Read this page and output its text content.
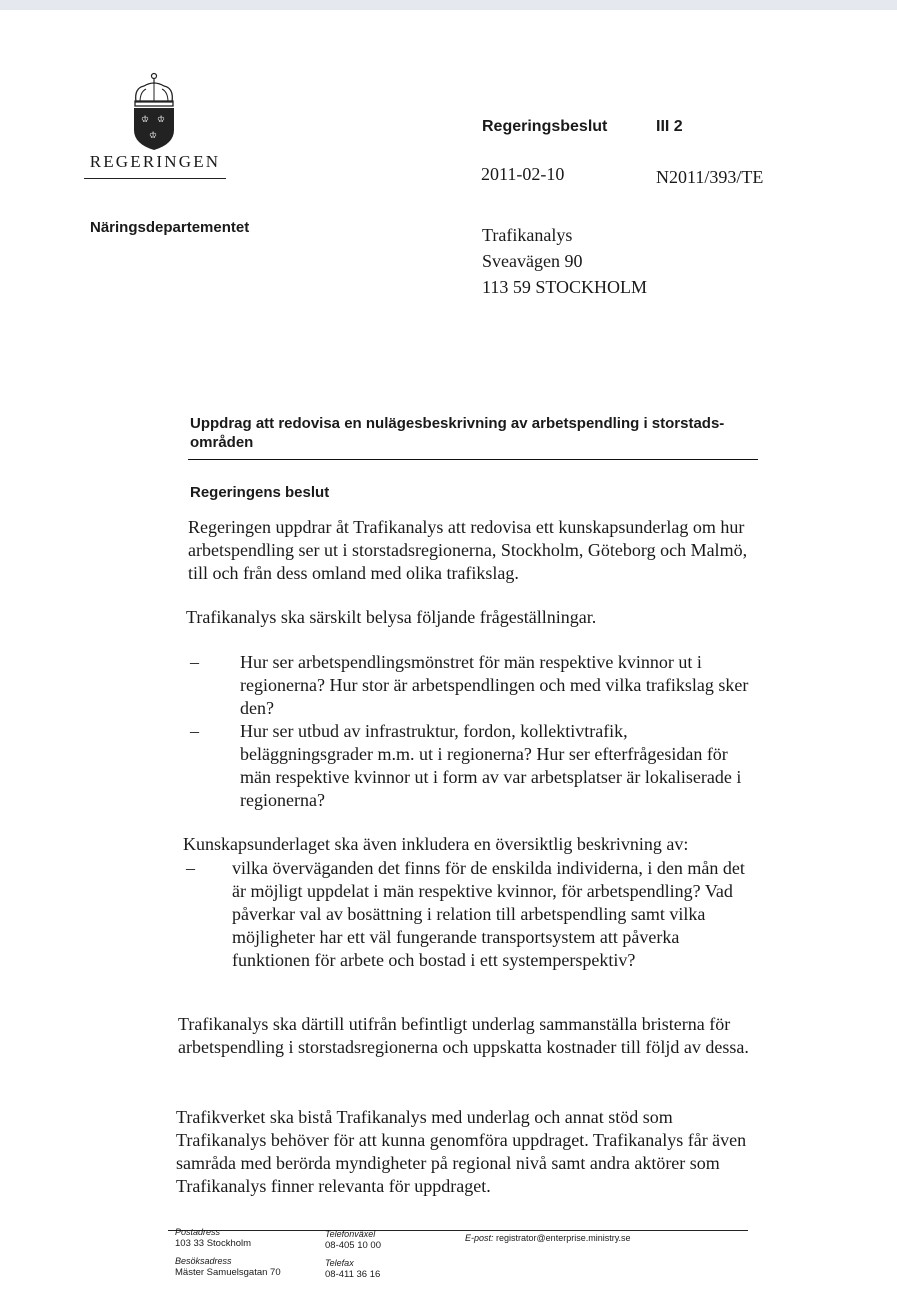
♔ ♔
♔
REGERINGEN
Näringsdepartementet
Regeringsbeslut	III 2
2011-02-10	N2011/393/TE
Trafikanalys
Sveavägen 90
113 59 STOCKHOLM
Uppdrag att redovisa en nulägesbeskrivning av arbetspendling i storstads-områden
Regeringens beslut
Regeringen uppdrar åt Trafikanalys att redovisa ett kunskapsunderlag om hur arbetspendling ser ut i storstadsregionerna, Stockholm, Göteborg och Malmö, till och från dess omland med olika trafikslag.
Trafikanalys ska särskilt belysa följande frågeställningar.
– Hur ser arbetspendlingsmönstret för män respektive kvinnor ut i regionerna? Hur stor är arbetspendlingen och med vilka trafikslag sker den?
– Hur ser utbud av infrastruktur, fordon, kollektivtrafik, beläggningsgrader m.m. ut i regionerna? Hur ser efterfrågesidan för män respektive kvinnor ut i form av var arbetsplatser är lokaliserade i regionerna?
Kunskapsunderlaget ska även inkludera en översiktlig beskrivning av:
– vilka överväganden det finns för de enskilda individerna, i den mån det är möjligt uppdelat i män respektive kvinnor, för arbetspendling? Vad påverkar val av bosättning i relation till arbetspendling samt vilka möjligheter har ett väl fungerande transportsystem att påverka funktionen för arbete och bostad i ett systemperspektiv?
Trafikanalys ska därtill utifrån befintligt underlag sammanställa bristerna för arbetspendling i storstadsregionerna och uppskatta kostnader till följd av dessa.
Trafikverket ska bistå Trafikanalys med underlag och annat stöd som Trafikanalys behöver för att kunna genomföra uppdraget. Trafikanalys får även samråda med berörda myndigheter på regional nivå samt andra aktörer som Trafikanalys finner relevanta för uppdraget.
Postadress
103 33 Stockholm
Besöksadress
Mäster Samuelsgatan 70
Telefonväxel
08-405 10 00
Telefax
08-411 36 16
E-post: registrator@enterprise.ministry.se
